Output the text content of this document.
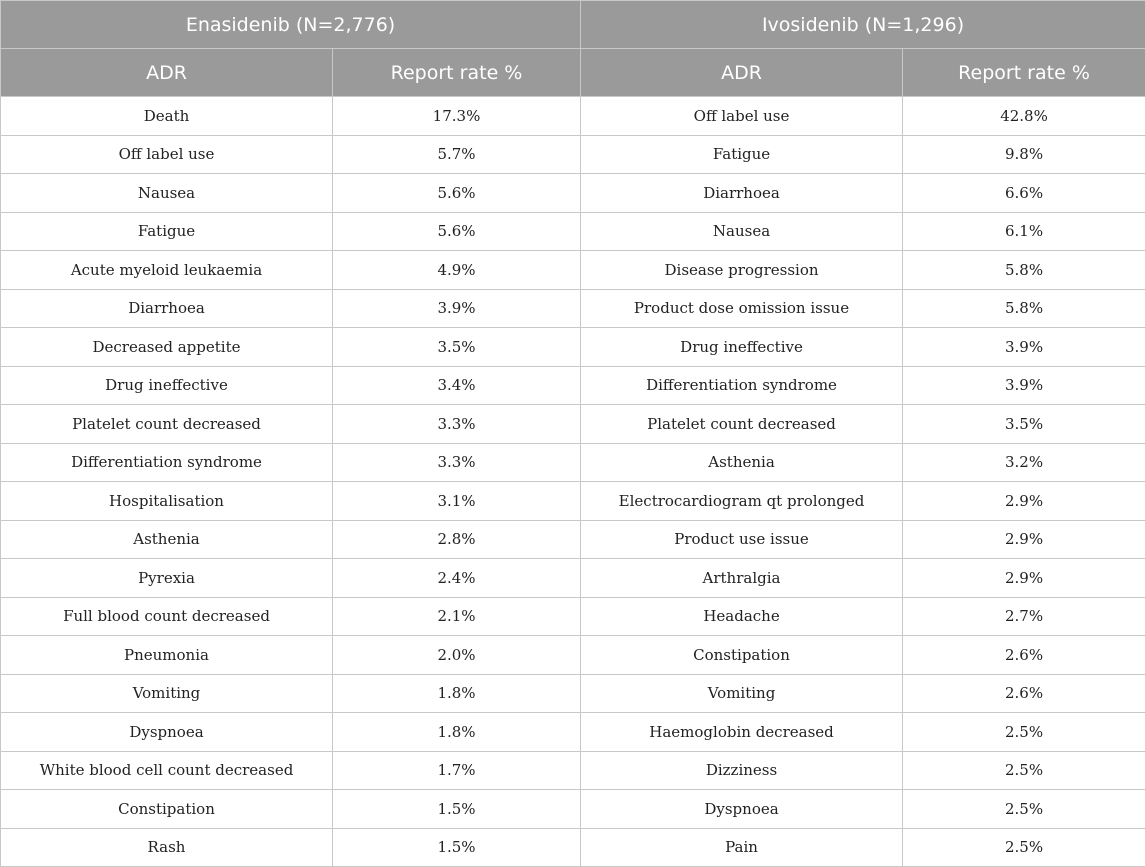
Enasidenib (N=2,776)		Ivosidenib (N=1,296)	
ADR	Report rate %	ADR	Report rate %
Death	17.3%	Off label use	42.8%
Off label use	5.7%	Fatigue	9.8%
Nausea	5.6%	Diarrhoea	6.6%
Fatigue	5.6%	Nausea	6.1%
Acute myeloid leukaemia	4.9%	Disease progression	5.8%
Diarrhoea	3.9%	Product dose omission issue	5.8%
Decreased appetite	3.5%	Drug ineffective	3.9%
Drug ineffective	3.4%	Differentiation syndrome	3.9%
Platelet count decreased	3.3%	Platelet count decreased	3.5%
Differentiation syndrome	3.3%	Asthenia	3.2%
Hospitalisation	3.1%	Electrocardiogram qt prolonged	2.9%
Asthenia	2.8%	Product use issue	2.9%
Pyrexia	2.4%	Arthralgia	2.9%
Full blood count decreased	2.1%	Headache	2.7%
Pneumonia	2.0%	Constipation	2.6%
Vomiting	1.8%	Vomiting	2.6%
Dyspnoea	1.8%	Haemoglobin decreased	2.5%
White blood cell count decreased	1.7%	Dizziness	2.5%
Constipation	1.5%	Dyspnoea	2.5%
Rash	1.5%	Pain	2.5%
